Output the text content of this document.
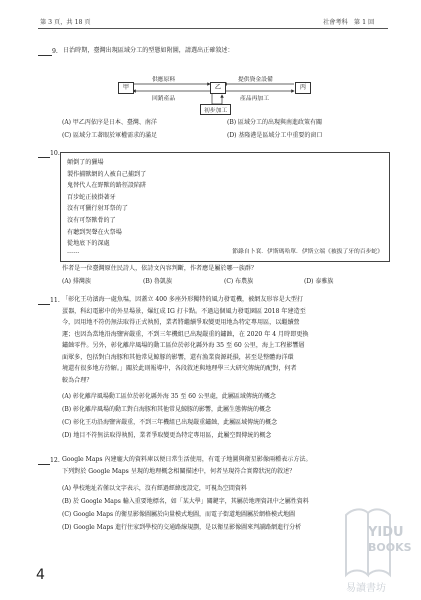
第 3 頁，共 18 頁	社會考科　第 1 回
9. 日治時期，臺灣出現區域分工的型態如附圖，請選出正確敘述：
甲	乙	丙
供應原料	提供資金設備
回銷產品	產品再加工
初步加工
(A) 甲乙丙依序是日本、臺灣、南洋	(B) 區域分工的出現與南進政策有關
(C) 區域分工著眼於軍權需求的滿足	(D) 基隆港是區域分工中重要的窗口
10.
顛倒了的獵場
製作捕獸網的人被自己捕到了
鬼替代人在野獸的路徑設陷阱
百步蛇正披掛著牙
沒有可獵行射耳祭的了
沒有可祭獸骨的了
有聽到哭聲在火祭場
從地底下的深處
……	節錄自卜袞．伊斯瑪哈單．伊斯立端《被拔了牙的百步蛇》
作者是一位臺灣原住民詩人，依詩文內容判斷，作者應是屬於哪一族群？
(A) 排灣族	(B) 魯凱族	(C) 布農族	(D) 泰雅族
11. 「彰化王功濱海一處魚塭，因蓋立 400 多座外形獨特的風力發電機，被網友形容是大型打
蛋器，科幻電影中的外星場景，爆紅成 IG 打卡點。不過這個風力發電園區 2018 年建造至
今，因用地不符仍無法取得正式執照，業者將繼續爭取變更用地為特定專用區，以繼續營
運；也因為當地沿海鹽害嚴重，不到三年機組已出現嚴重的鏽蝕，在 2020 年 4 月時即更換
鏽蝕零件。另外，彰化離岸風場的動工區位於彰化縣外海 35 至 60 公里，海上工程影響層
面眾多，包括對白海豚和其他常見鯨豚的影響，還有漁業資源耗損，甚至是整體海洋環
境還有很多地方待解。」關於此則報導中，各段敘述與地理學三大研究傳統的配對，何者
較為合理？
(A) 彰化離岸風場動工區位於彰化縣外海 35 至 60 公里處，此屬區域傳統的概念
(B) 彰化離岸風場的動工對白海豚和其他常見鯨豚的影響，此屬生態傳統的概念
(C) 彰化王功沿海鹽害嚴重，不到三年機組已出現嚴重鏽蝕，此屬區域傳統的概念
(D) 地目不符無法取得執照，業者爭取變更為特定專用區，此屬空間傳統的概念
12. Google Maps 內建龐大的資料庫以便日常生活使用，有電子地圖與衛星影像兩種表示方法。
下列對於 Google Maps 呈現的地理概念相關描述中，何者呈現符合實際狀況的敘述？
(A) 學校地址若僅以文字表示，沒有經過經緯度設定，可視為空間資料
(B) 於 Google Maps 輸入重要地標名，如「某大學」關鍵字，其屬於地理資訊中之屬性資料
(C) Google Maps 的衛星影像圖屬於向量模式地圖，而電子街道地圖屬於網格模式地圖
(D) Google Maps 進行住家到學校的交通路線規劃，是以衛星影像圖來判讀路網進行分析	YIDU
BOOKS
易讀書坊
4
